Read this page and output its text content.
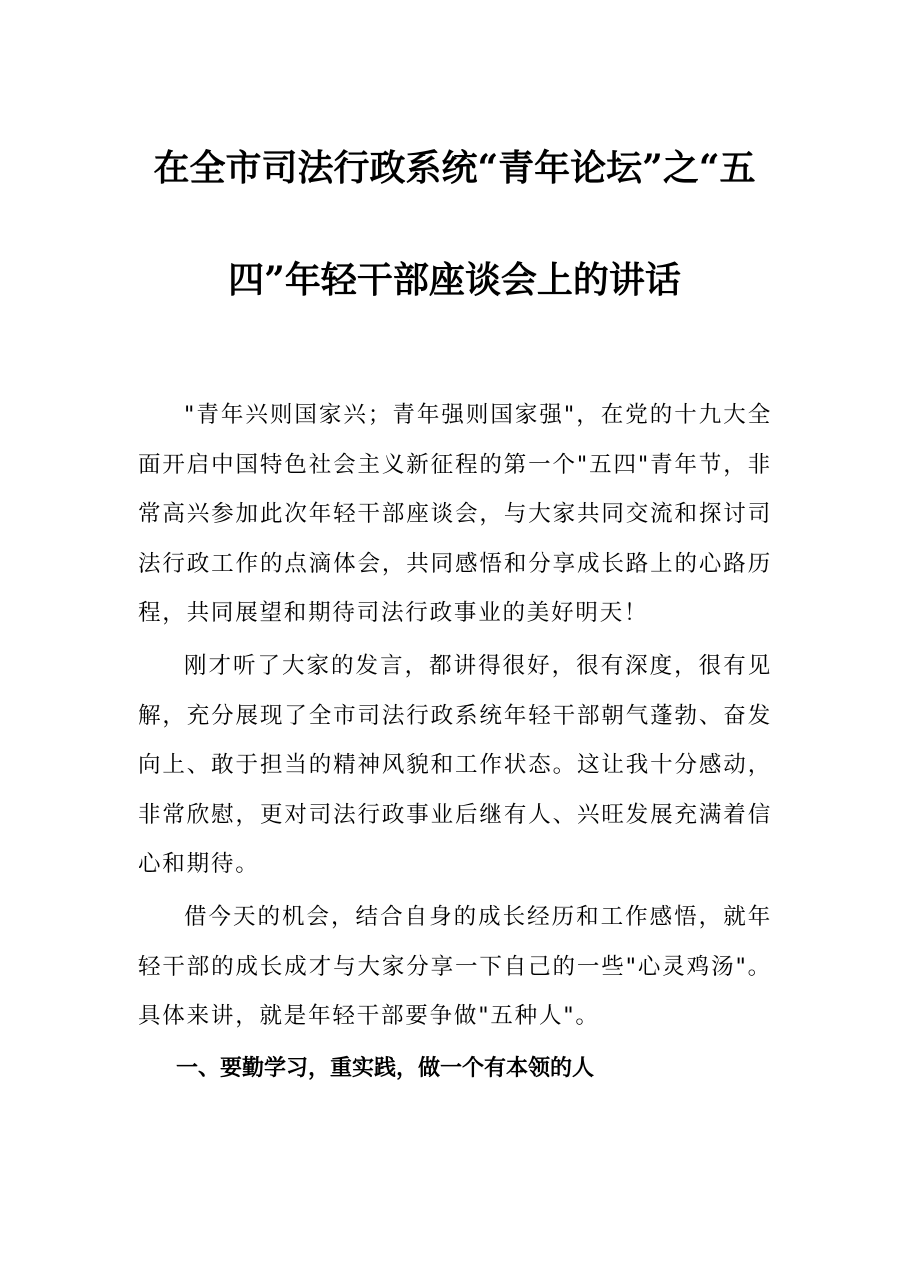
在全市司法行政系统“青年论坛”之“五
四”年轻干部座谈会上的讲话

"青年兴则国家兴；青年强则国家强"，在党的十九大全面开启中国特色社会主义新征程的第一个"五四"青年节，非常高兴参加此次年轻干部座谈会，与大家共同交流和探讨司法行政工作的点滴体会，共同感悟和分享成长路上的心路历程，共同展望和期待司法行政事业的美好明天！

刚才听了大家的发言，都讲得很好，很有深度，很有见解，充分展现了全市司法行政系统年轻干部朝气蓬勃、奋发向上、敢于担当的精神风貌和工作状态。这让我十分感动，非常欣慰，更对司法行政事业后继有人、兴旺发展充满着信心和期待。

借今天的机会，结合自身的成长经历和工作感悟，就年轻干部的成长成才与大家分享一下自己的一些"心灵鸡汤"。具体来讲，就是年轻干部要争做"五种人"。

一、要勤学习，重实践，做一个有本领的人
